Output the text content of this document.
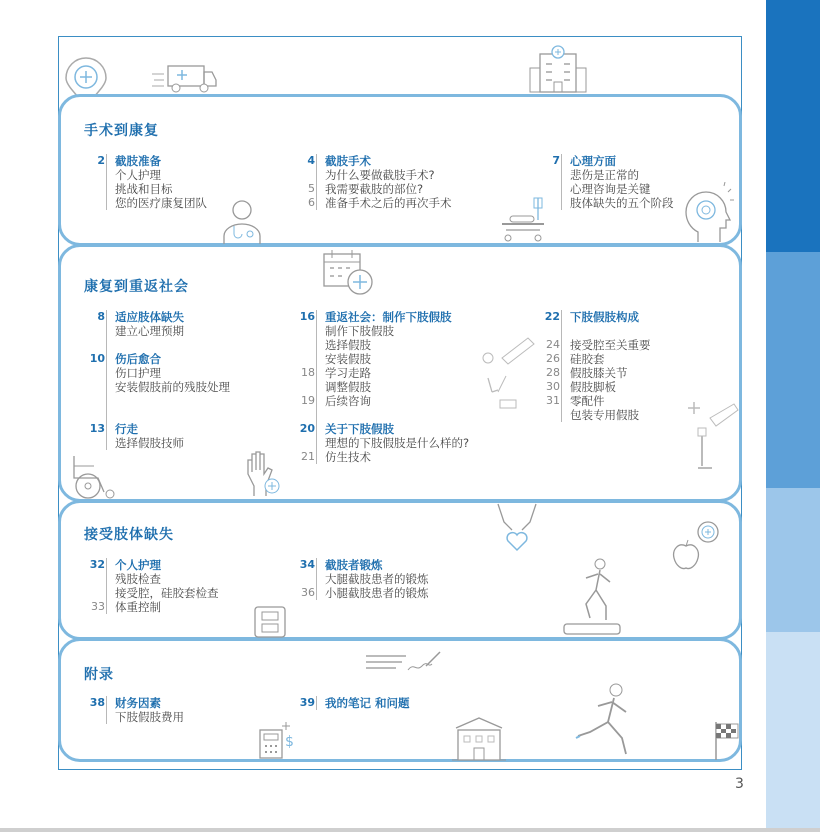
手术到康复
2 截肢准备
个人护理
挑战和目标
您的医疗康复团队
4 截肢手术
为什么要做截肢手术?
5 我需要截肢的部位?
6 准备手术之后的再次手术
7 心理方面
悲伤是正常的
心理咨询是关键
肢体缺失的五个阶段
康复到重返社会
8 适应肢体缺失
建立心理预期
10 伤后愈合
伤口护理
安装假肢前的残肢处理
13 行走
选择假肢技师
16 重返社会：制作下肢假肢
制作下肢假肢
选择假肢
安装假肢
18 学习走路
调整假肢
19 后续咨询
20 关于下肢假肢
理想的下肢假肢是什么样的?
21 仿生技术
22 下肢假肢构成
24 接受腔至关重要
26 硅胶套
28 假肢膝关节
30 假肢脚板
31 零配件
包装专用假肢
接受肢体缺失
32 个人护理
残肢检查
接受腔，硅胶套检查
33 体重控制
34 截肢者锻炼
大腿截肢患者的锻炼
36 小腿截肢患者的锻炼
附录
38 财务因素
下肢假肢费用
39 我的笔记 和问题
$
3
